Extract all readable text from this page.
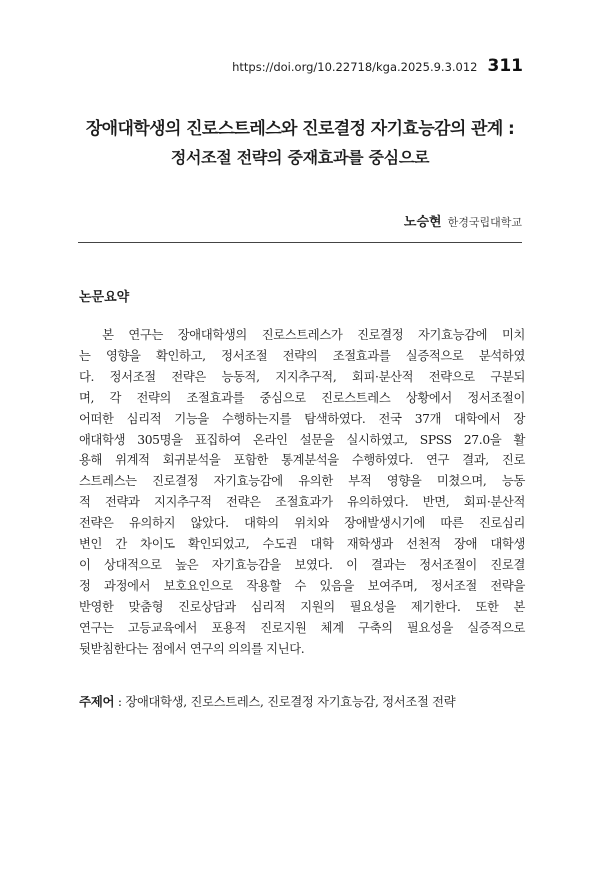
https://doi.org/10.22718/kga.2025.9.3.012 311
장애대학생의 진로스트레스와 진로결정 자기효능감의 관계 :
정서조절 전략의 중재효과를 중심으로
노승현 한경국립대학교
논문요약
　본 연구는 장애대학생의 진로스트레스가 진로결정 자기효능감에 미치
는 영향을 확인하고, 정서조절 전략의 조절효과를 실증적으로 분석하였
다. 정서조절 전략은 능동적, 지지추구적, 회피·분산적 전략으로 구분되
며, 각 전략의 조절효과를 중심으로 진로스트레스 상황에서 정서조절이
어떠한 심리적 기능을 수행하는지를 탐색하였다. 전국 37개 대학에서 장
애대학생 305명을 표집하여 온라인 설문을 실시하였고, SPSS 27.0을 활
용해 위계적 회귀분석을 포함한 통계분석을 수행하였다. 연구 결과, 진로
스트레스는 진로결정 자기효능감에 유의한 부적 영향을 미쳤으며, 능동
적 전략과 지지추구적 전략은 조절효과가 유의하였다. 반면, 회피·분산적
전략은 유의하지 않았다. 대학의 위치와 장애발생시기에 따른 진로심리
변인 간 차이도 확인되었고, 수도권 대학 재학생과 선천적 장애 대학생
이 상대적으로 높은 자기효능감을 보였다. 이 결과는 정서조절이 진로결
정 과정에서 보호요인으로 작용할 수 있음을 보여주며, 정서조절 전략을
반영한 맞춤형 진로상담과 심리적 지원의 필요성을 제기한다. 또한 본
연구는 고등교육에서 포용적 진로지원 체계 구축의 필요성을 실증적으로
뒷받침한다는 점에서 연구의 의의를 지닌다.
주제어 : 장애대학생, 진로스트레스, 진로결정 자기효능감, 정서조절 전략
